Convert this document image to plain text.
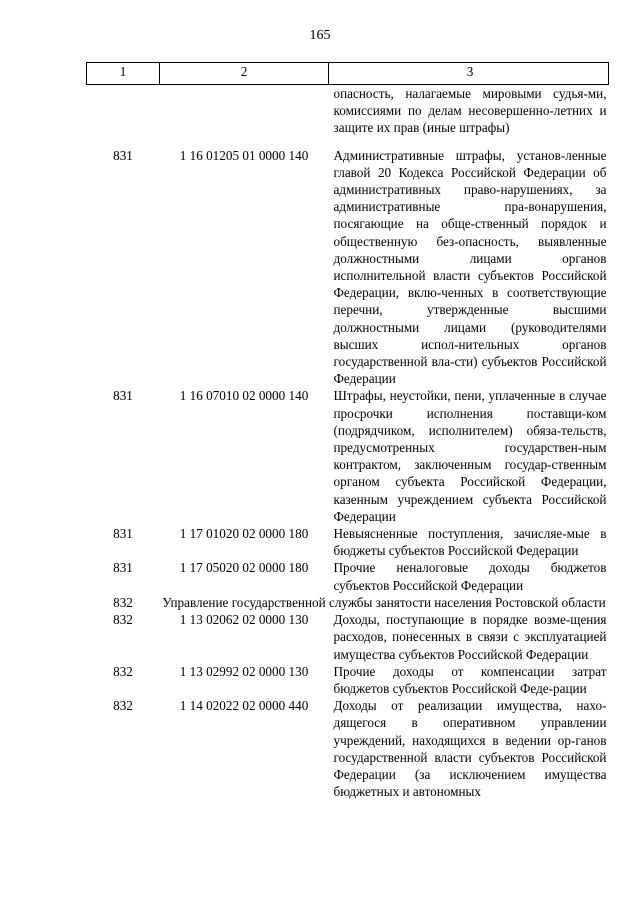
165
1	2	3
		опасность, налагаемые мировыми судья-ми, комиссиями по делам несовершенно-летних и защите их прав (иные штрафы)
831	1 16 01205 01 0000 140	Административные штрафы, установ-ленные главой 20 Кодекса Российской Федерации об административных право-нарушениях, за административные пра-вонарушения, посягающие на обще-ственный порядок и общественную без-опасность, выявленные должностными лицами органов исполнительной власти субъектов Российской Федерации, вклю-ченных в соответствующие перечни, утвержденные высшими должностными лицами (руководителями высших испол-нительных органов государственной вла-сти) субъектов Российской Федерации
831	1 16 07010 02 0000 140	Штрафы, неустойки, пени, уплаченные в случае просрочки исполнения поставщи-ком (подрядчиком, исполнителем) обяза-тельств, предусмотренных государствен-ным контрактом, заключенным государ-ственным органом субъекта Российской Федерации, казенным учреждением субъекта Российской Федерации
831	1 17 01020 02 0000 180	Невыясненные поступления, зачисляе-мые в бюджеты субъектов Российской Федерации
831	1 17 05020 02 0000 180	Прочие неналоговые доходы бюджетов субъектов Российской Федерации
832	Управление государственной службы занятости населения Ростовской области	
832	1 13 02062 02 0000 130	Доходы, поступающие в порядке возме-щения расходов, понесенных в связи с эксплуатацией имущества субъектов Российской Федерации
832	1 13 02992 02 0000 130	Прочие доходы от компенсации затрат бюджетов субъектов Российской Феде-рации
832	1 14 02022 02 0000 440	Доходы от реализации имущества, нахо-дящегося в оперативном управлении учреждений, находящихся в ведении ор-ганов государственной власти субъектов Российской Федерации (за исключением имущества бюджетных и автономных
